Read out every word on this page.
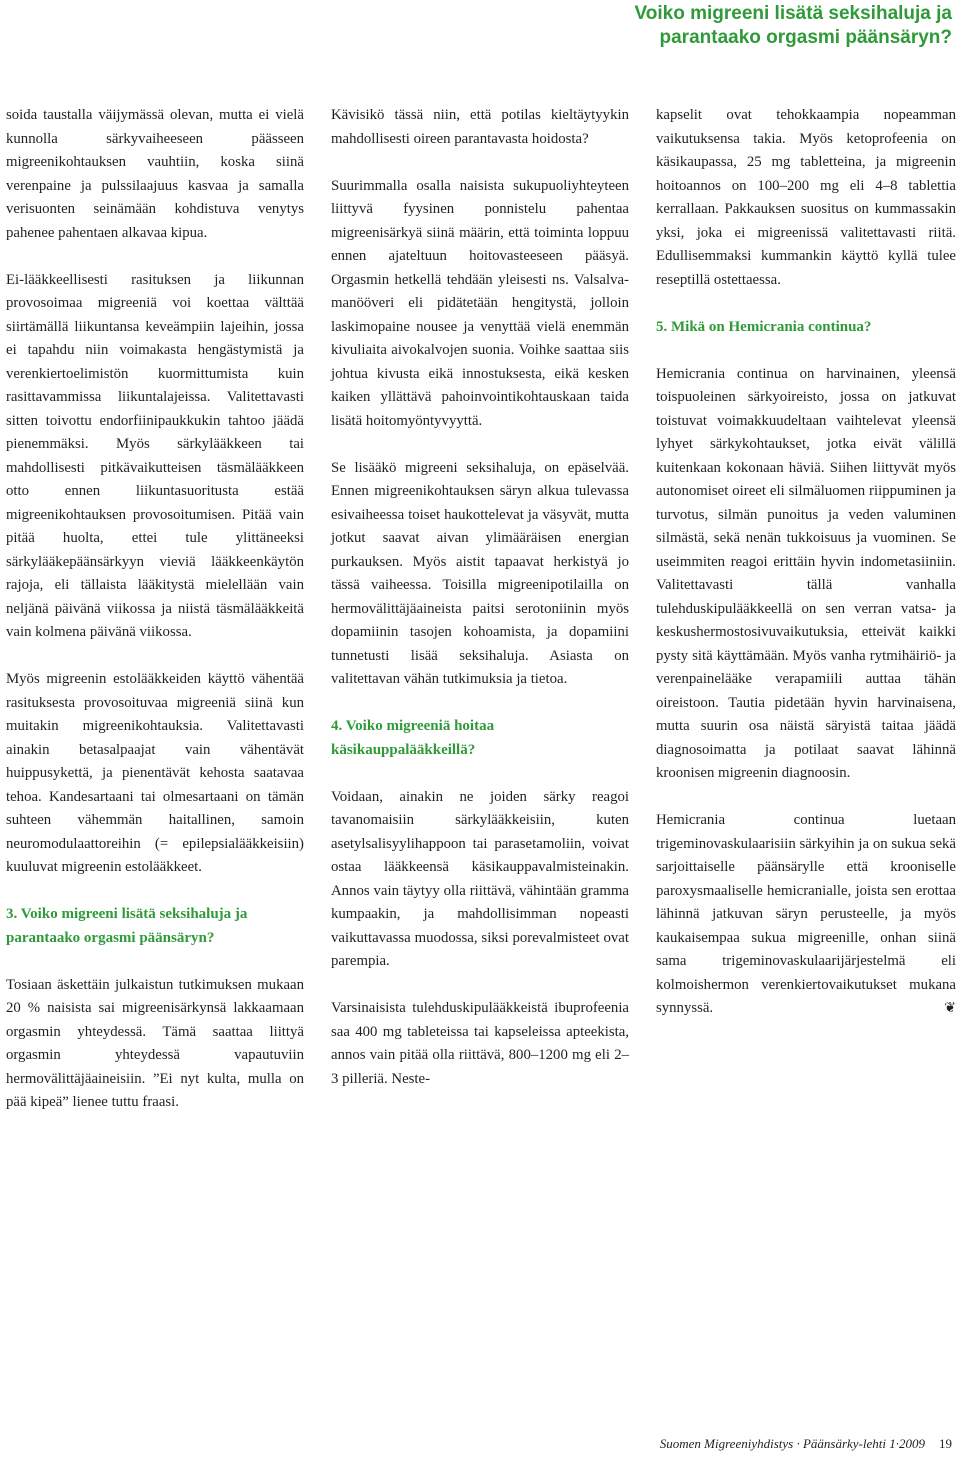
Voiko migreeni lisätä seksihaluja ja parantaako orgasmi päänsäryn?

soida taustalla väijymässä olevan, mutta ei vielä kunnolla särkyvaiheeseen päässeen migreenikohtauksen vauhtiin, koska siinä verenpaine ja pulssilaajuus kasvaa ja samalla verisuonten seinämään kohdistuva venytys pahenee pahentaen alkavaa kipua.

Ei-lääkkeellisesti rasituksen ja liikunnan provosoimaa migreeniä voi koettaa välttää siirtämällä liikuntansa keveämpiin lajeihin, jossa ei tapahdu niin voimakasta hengästymistä ja verenkiertoelimistön kuormittumista kuin rasittavammissa liikuntalajeissa. Valitettavasti sitten toivottu endorfiinipaukkukin tahtoo jäädä pienemmäksi. Myös särkylääkkeen tai mahdollisesti pitkävaikutteisen täsmälääkkeen otto ennen liikuntasuoritusta estää migreenikohtauksen provosoitumisen. Pitää vain pitää huolta, ettei tule ylittäneeksi särkylääkepäänsärkyyn vieviä lääkkeenkäytön rajoja, eli tällaista lääkitystä mielellään vain neljänä päivänä viikossa ja niistä täsmälääkkeitä vain kolmena päivänä viikossa.

Myös migreenin estolääkkeiden käyttö vähentää rasituksesta provosoituvaa migreeniä siinä kun muitakin migreenikohtauksia. Valitettavasti ainakin betasalpaajat vain vähentävät huippusykettä, ja pienentävät kehosta saatavaa tehoa. Kandesartaani tai olmesartaani on tämän suhteen vähemmän haitallinen, samoin neuromodulaattoreihin (= epilepsialääkkeisiin) kuuluvat migreenin estolääkkeet.

3. Voiko migreeni lisätä seksihaluja ja parantaako orgasmi päänsäryn?

Tosiaan äskettäin julkaistun tutkimuksen mukaan 20 % naisista sai migreenisärkynsä lakkaamaan orgasmin yhteydessä. Tämä saattaa liittyä orgasmin yhteydessä vapautuviin hermovälittäjäaineisiin. ”Ei nyt kulta, mulla on pää kipeä” lienee tuttu fraasi.

Kävisikö tässä niin, että potilas kieltäytyykin mahdollisesti oireen parantavasta hoidosta?

Suurimmalla osalla naisista sukupuoliyhteyteen liittyvä fyysinen ponnistelu pahentaa migreenisärkyä siinä määrin, että toiminta loppuu ennen ajateltuun hoitovasteeseen pääsyä. Orgasmin hetkellä tehdään yleisesti ns. Valsalva-manööveri eli pidätetään hengitystä, jolloin laskimopaine nousee ja venyttää vielä enemmän kivuliaita aivokalvojen suonia. Voihke saattaa siis johtua kivusta eikä innostuksesta, eikä kesken kaiken yllättävä pahoinvointikohtauskaan taida lisätä hoitomyöntyvyyttä.

Se lisääkö migreeni seksihaluja, on epäselvää. Ennen migreenikohtauksen säryn alkua tulevassa esivaiheessa toiset haukottelevat ja väsyvät, mutta jotkut saavat aivan ylimääräisen energian purkauksen. Myös aistit tapaavat herkistyä jo tässä vaiheessa. Toisilla migreenipotilailla on hermovälittäjäaineista paitsi serotoniinin myös dopamiinin tasojen kohoamista, ja dopamiini tunnetusti lisää seksihaluja. Asiasta on valitettavan vähän tutkimuksia ja tietoa.

4. Voiko migreeniä hoitaa käsikauppalääkkeillä?

Voidaan, ainakin ne joiden särky reagoi tavanomaisiin särkylääkkeisiin, kuten asetylsalisyylihappoon tai parasetamoliin, voivat ostaa lääkkeensä käsikauppavalmisteinakin. Annos vain täytyy olla riittävä, vähintään gramma kumpaakin, ja mahdollisimman nopeasti vaikuttavassa muodossa, siksi porevalmisteet ovat parempia.

Varsinaisista tulehduskipulääkkeistä ibuprofeenia saa 400 mg tableteissa tai kapseleissa apteekista, annos vain pitää olla riittävä, 800–1200 mg eli 2–3 pilleriä. Neste-

kapselit ovat tehokkaampia nopeamman vaikutuksensa takia. Myös ketoprofeenia on käsikaupassa, 25 mg tabletteina, ja migreenin hoitoannos on 100–200 mg eli 4–8 tablettia kerrallaan. Pakkauksen suositus on kummassakin yksi, joka ei migreenissä valitettavasti riitä. Edullisemmaksi kummankin käyttö kyllä tulee reseptillä ostettaessa.

5. Mikä on Hemicrania continua?

Hemicrania continua on harvinainen, yleensä toispuoleinen särkyoireisto, jossa on jatkuvat toistuvat voimakkuudeltaan vaihtelevat yleensä lyhyet särkykohtaukset, jotka eivät välillä kuitenkaan kokonaan häviä. Siihen liittyvät myös autonomiset oireet eli silmäluomen riippuminen ja turvotus, silmän punoitus ja veden valuminen silmästä, sekä nenän tukkoisuus ja vuominen. Se useimmiten reagoi erittäin hyvin indometasiiniin. Valitettavasti tällä vanhalla tulehduskipulääkkeellä on sen verran vatsa- ja keskushermostosivuvaikutuksia, etteivät kaikki pysty sitä käyttämään. Myös vanha rytmihäiriö- ja verenpainelääke verapamiili auttaa tähän oireistoon. Tautia pidetään hyvin harvinaisena, mutta suurin osa näistä säryistä taitaa jäädä diagnosoimatta ja potilaat saavat lähinnä kroonisen migreenin diagnoosin.

Hemicrania continua luetaan trigeminovaskulaarisiin särkyihin ja on sukua sekä sarjoittaiselle päänsärylle että krooniselle paroxysmaaliselle hemicranialle, joista sen erottaa lähinnä jatkuvan säryn perusteelle, ja myös kaukaisempaa sukua migreenille, onhan siinä sama trigeminovaskulaarijärjestelmä eli kolmoishermon verenkiertovaikutukset mukana synnyssä.	❦

Suomen Migreeniyhdistys · Päänsärky-lehti 1·2009 19
